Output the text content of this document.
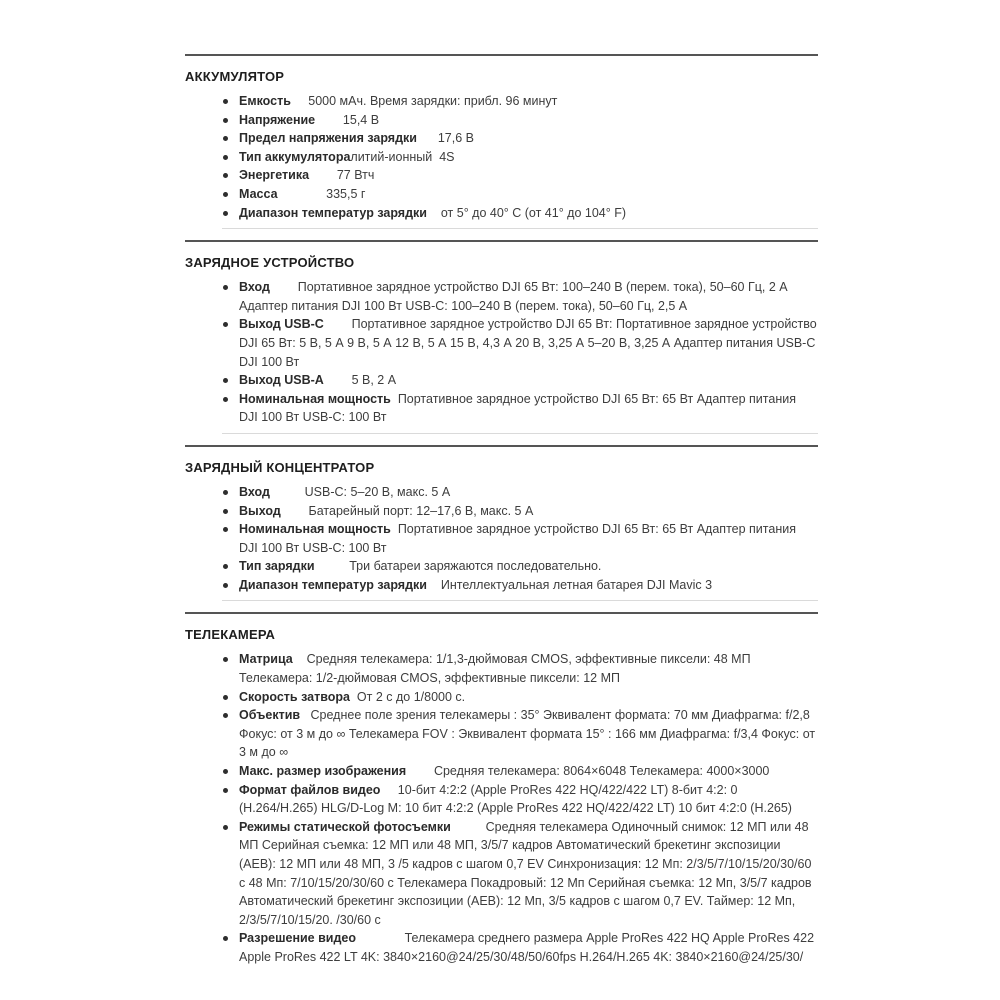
АККУМУЛЯТОР
Емкость     5000 мАч. Время зарядки: прибл. 96 минут
Напряжение        15,4 В
Предел напряжения зарядки      17,6 В
Тип аккумуляторалитий-ионный  4S
Энергетика        77 Втч
Масса              335,5 г
Диапазон температур зарядки    от 5° до 40° C (от 41° до 104° F)
ЗАРЯДНОЕ УСТРОЙСТВО
Вход        Портативное зарядное устройство DJI 65 Вт: 100–240 В (перем. тока), 50–60 Гц, 2 А Адаптер питания DJI 100 Вт USB-C: 100–240 В (перем. тока), 50–60 Гц, 2,5 А
Выход USB-C        Портативное зарядное устройство DJI 65 Вт: Портативное зарядное устройство DJI 65 Вт: 5 В, 5 А 9 В, 5 А 12 В, 5 А 15 В, 4,3 А 20 В, 3,25 А 5–20 В, 3,25 А Адаптер питания USB-C DJI 100 Вт
Выход USB-A        5 В, 2 А
Номинальная мощность  Портативное зарядное устройство DJI 65 Вт: 65 Вт Адаптер питания DJI 100 Вт USB-C: 100 Вт
ЗАРЯДНЫЙ КОНЦЕНТРАТОР
Вход          USB-C: 5–20 В, макс. 5 А
Выход        Батарейный порт: 12–17,6 В, макс. 5 А
Номинальная мощность  Портативное зарядное устройство DJI 65 Вт: 65 Вт Адаптер питания DJI 100 Вт USB-C: 100 Вт
Тип зарядки          Три батареи заряжаются последовательно.
Диапазон температур зарядки    Интеллектуальная летная батарея DJI Mavic 3
ТЕЛЕКАМЕРА
Матрица    Средняя телекамера: 1/1,3-дюймовая CMOS, эффективные пиксели: 48 МП Телекамера: 1/2-дюймовая CMOS, эффективные пиксели: 12 МП
Скорость затвора  От 2 с до 1/8000 с.
Объектив   Среднее поле зрения телекамеры : 35° Эквивалент формата: 70 мм Диафрагма: f/2,8 Фокус: от 3 м до ∞ Телекамера FOV : Эквивалент формата 15° : 166 мм Диафрагма: f/3,4 Фокус: от 3 м до ∞
Макс. размер изображения        Средняя телекамера: 8064×6048 Телекамера: 4000×3000
Формат файлов видео     10-бит 4:2:2 (Apple ProRes 422 HQ/422/422 LT) 8-бит 4:2: 0 (H.264/H.265) HLG/D-Log M: 10 бит 4:2:2 (Apple ProRes 422 HQ/422/422 LT) 10 бит 4:2:0 (H.265)
Режимы статической фотосъемки          Средняя телекамера Одиночный снимок: 12 МП или 48 МП Серийная съемка: 12 МП или 48 МП, 3/5/7 кадров Автоматический брекетинг экспозиции (AEB): 12 МП или 48 МП, 3 /5 кадров с шагом 0,7 EV Синхронизация: 12 Мп: 2/3/5/7/10/15/20/30/60 с 48 Мп: 7/10/15/20/30/60 с Телекамера Покадровый: 12 Мп Серийная съемка: 12 Мп, 3/5/7 кадров Автоматический брекетинг экспозиции (AEB): 12 Мп, 3/5 кадров с шагом 0,7 EV. Таймер: 12 Мп, 2/3/5/7/10/15/20. /30/60 с
Разрешение видео              Телекамера среднего размера Apple ProRes 422 HQ Apple ProRes 422 Apple ProRes 422 LT 4K: 3840×2160@24/25/30/48/50/60fps H.264/H.265 4K: 3840×2160@24/25/30/
